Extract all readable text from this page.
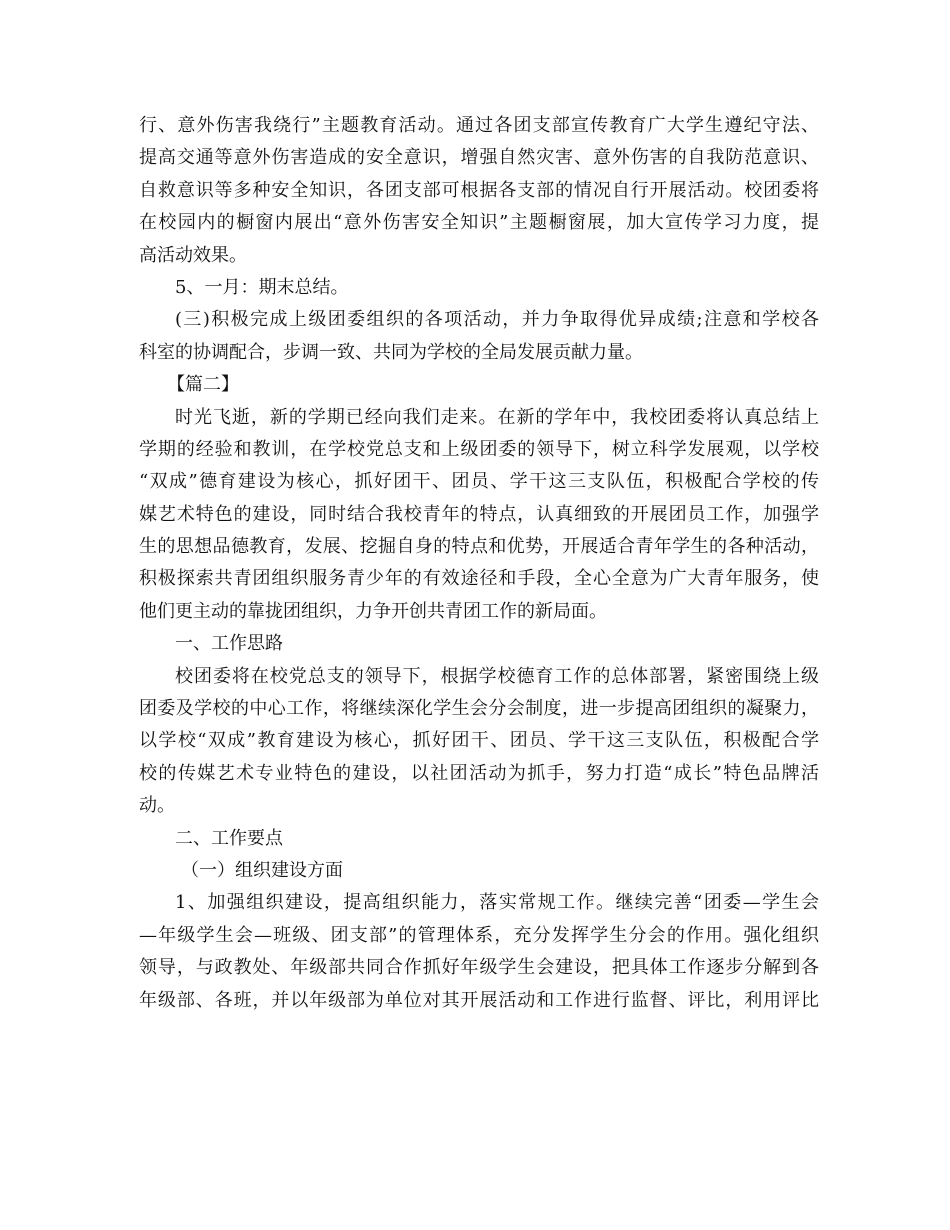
行、意外伤害我绕行”主题教育活动。通过各团支部宣传教育广大学生遵纪守法、
提高交通等意外伤害造成的安全意识，增强自然灾害、意外伤害的自我防范意识、
自救意识等多种安全知识，各团支部可根据各支部的情况自行开展活动。校团委将
在校园内的橱窗内展出“意外伤害安全知识”主题橱窗展，加大宣传学习力度，提
高活动效果。
5、一月：期末总结。
(三)积极完成上级团委组织的各项活动，并力争取得优异成绩;注意和学校各
科室的协调配合，步调一致、共同为学校的全局发展贡献力量。
【篇二】
时光飞逝，新的学期已经向我们走来。在新的学年中，我校团委将认真总结上
学期的经验和教训，在学校党总支和上级团委的领导下，树立科学发展观，以学校
“双成”德育建设为核心，抓好团干、团员、学干这三支队伍，积极配合学校的传
媒艺术特色的建设，同时结合我校青年的特点，认真细致的开展团员工作，加强学
生的思想品德教育，发展、挖掘自身的特点和优势，开展适合青年学生的各种活动，
积极探索共青团组织服务青少年的有效途径和手段，全心全意为广大青年服务，使
他们更主动的靠拢团组织，力争开创共青团工作的新局面。
一、工作思路
校团委将在校党总支的领导下，根据学校德育工作的总体部署，紧密围绕上级
团委及学校的中心工作，将继续深化学生会分会制度，进一步提高团组织的凝聚力，
以学校“双成”教育建设为核心，抓好团干、团员、学干这三支队伍，积极配合学
校的传媒艺术专业特色的建设，以社团活动为抓手，努力打造“成长”特色品牌活
动。
二、工作要点
（一）组织建设方面
1、加强组织建设，提高组织能力，落实常规工作。继续完善“团委—学生会
—年级学生会—班级、团支部”的管理体系，充分发挥学生分会的作用。强化组织
领导，与政教处、年级部共同合作抓好年级学生会建设，把具体工作逐步分解到各
年级部、各班，并以年级部为单位对其开展活动和工作进行监督、评比，利用评比
